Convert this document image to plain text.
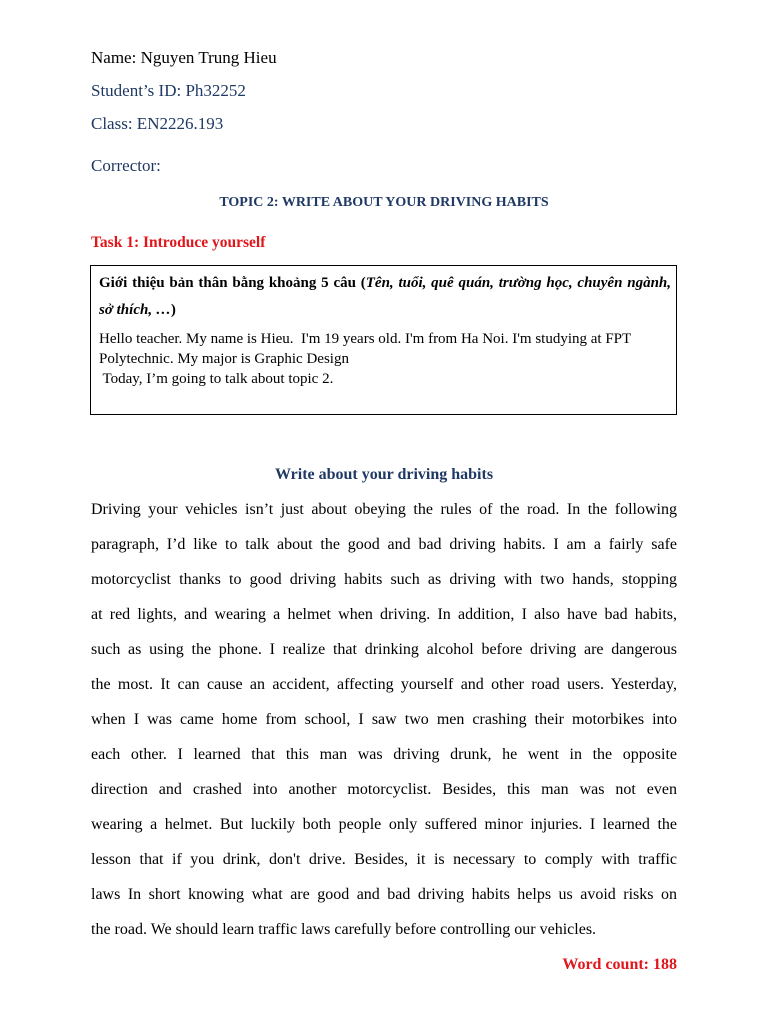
Name: Nguyen Trung Hieu
Student’s ID: Ph32252
Class: EN2226.193
Corrector:
TOPIC 2: WRITE ABOUT YOUR DRIVING HABITS
Task 1: Introduce yourself
Giới thiệu bản thân bằng khoảng 5 câu (Tên, tuổi, quê quán, trường học, chuyên ngành, sở thích, …)
Hello teacher. My name is Hieu.  I'm 19 years old. I'm from Ha Noi. I'm studying at FPT
Polytechnic. My major is Graphic Design
Today, I’m going to talk about topic 2.
Write about your driving habits
Driving your vehicles isn’t just about obeying the rules of the road. In the following
paragraph, I’d like to talk about the good and bad driving habits. I am a fairly safe
motorcyclist thanks to good driving habits such as driving with two hands, stopping
at red lights, and wearing a helmet when driving. In addition, I also have bad habits,
such as using the phone. I realize that drinking alcohol before driving are dangerous
the most. It can cause an accident, affecting yourself and other road users. Yesterday,
when I was came home from school, I saw two men crashing their motorbikes into
each other. I learned that this man was driving drunk, he went in the opposite
direction and crashed into another motorcyclist. Besides, this man was not even
wearing a helmet. But luckily both people only suffered minor injuries. I learned the
lesson that if you drink, don't drive. Besides, it is necessary to comply with traffic
laws In short knowing what are good and bad driving habits helps us avoid risks on
the road. We should learn traffic laws carefully before controlling our vehicles.
Word count: 188
